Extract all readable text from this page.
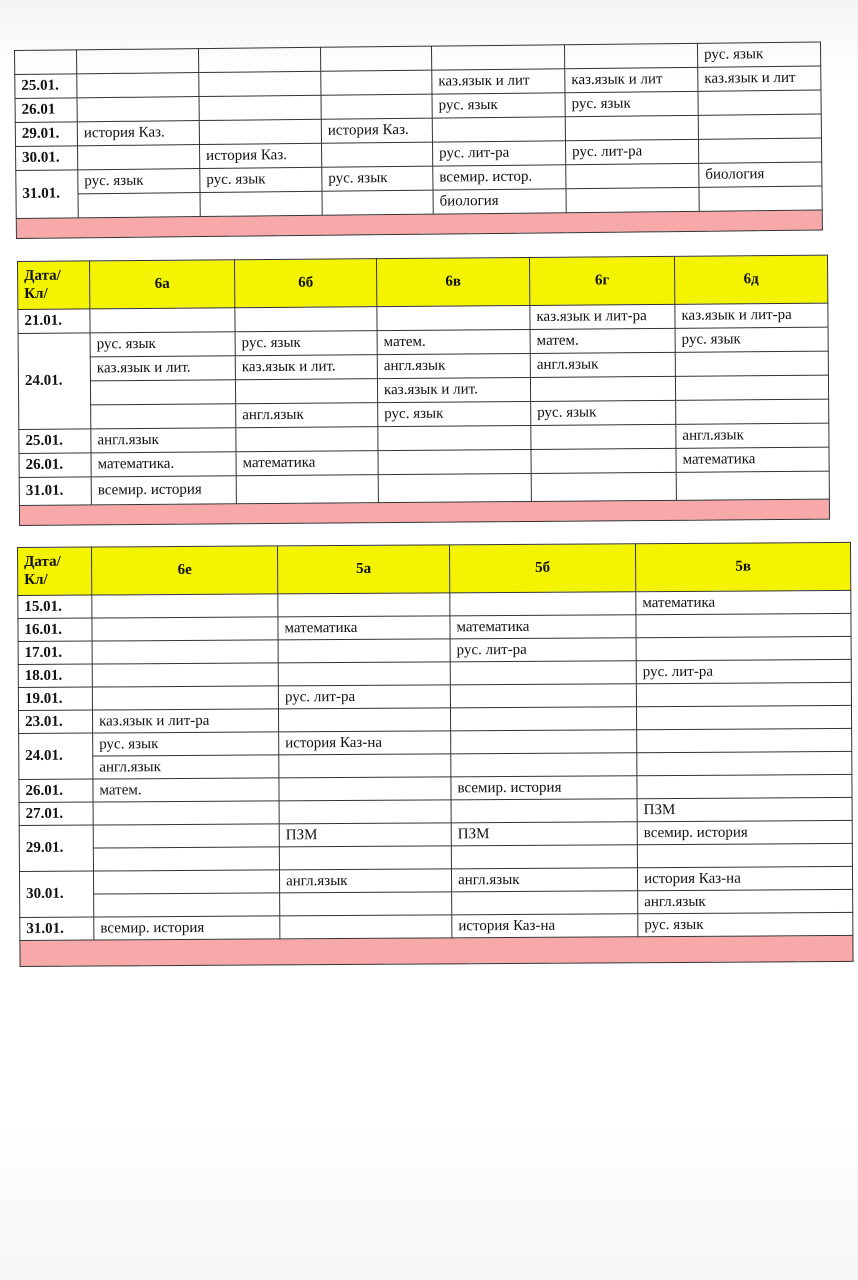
						рус. язык
25.01.				каз.язык и лит	каз.язык и лит	каз.язык и лит
26.01				рус. язык	рус. язык	
29.01.	история Каз.		история Каз.			
30.01.		история Каз.		рус. лит-ра	рус. лит-ра	
31.01.	рус. язык	рус. язык	рус. язык	всемир. истор.		биология
				биология		

Дата/ Кл/	6а	6б	6в	6г	6д
21.01.				каз.язык и лит-ра	каз.язык и лит-ра
24.01.	рус. язык	рус. язык	матем.	матем.	рус. язык
	каз.язык и лит.	каз.язык и лит.	англ.язык	англ.язык	
			каз.язык и лит.		
		англ.язык	рус. язык	рус. язык	
25.01.	англ.язык				англ.язык
26.01.	математика.	математика			математика
31.01.	всемир. история				

Дата/ Кл/	6е	5а	5б	5в
15.01.				математика
16.01.		математика	математика	
17.01.			рус. лит-ра	
18.01.				рус. лит-ра
19.01.		рус. лит-ра		
23.01.	каз.язык и лит-ра			
24.01.	рус. язык	история Каз-на		
	англ.язык			
26.01.	матем.		всемир. история	
27.01.				ПЗМ
29.01.		ПЗМ	ПЗМ	всемир. история

30.01.		англ.язык	англ.язык	история Каз-на
				англ.язык
31.01.	всемир. история		история Каз-на	рус. язык
